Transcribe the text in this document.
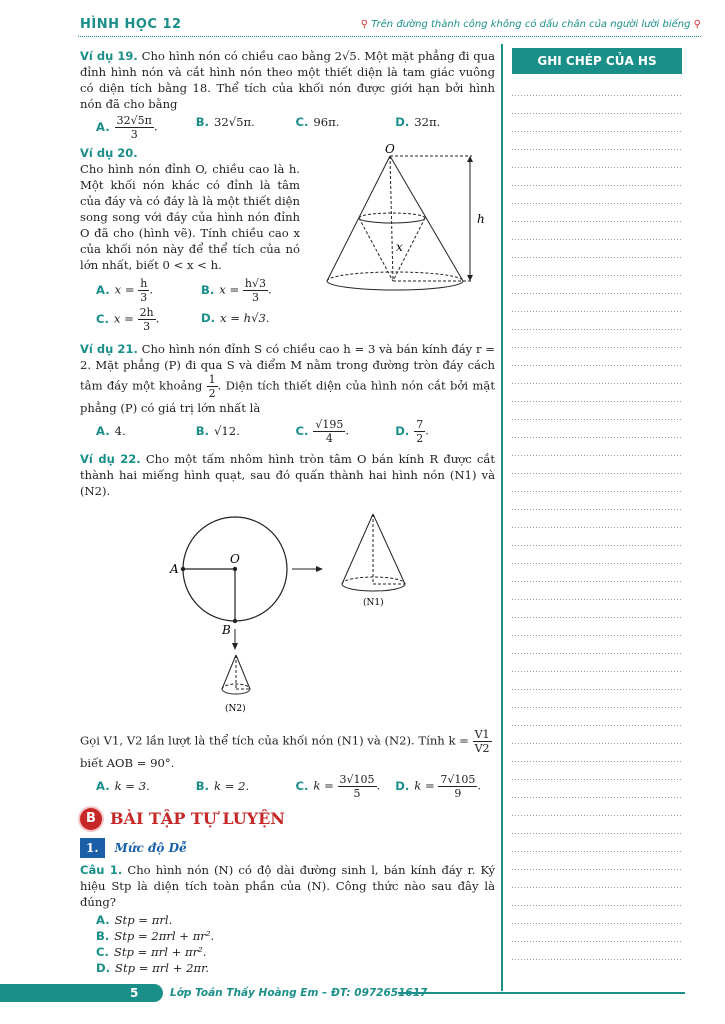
HÌNH HỌC 12	⚲ Trên đường thành công không có dấu chân của người lười biếng ⚲
GHI CHÉP CỦA HS

Ví dụ 19. Cho hình nón có chiều cao bằng 2√5. Một mặt phẳng đi qua đỉnh hình nón và cắt hình nón theo một thiết diện là tam giác vuông có diện tích bằng 18. Thể tích của khối nón được giới hạn bởi hình nón đã cho bằng

A. $\frac{32√5\pi}{3}$ .	B. 32√5π.	C. 96π.	D. 32π.
Ví dụ 20.

Cho hình nón đỉnh O, chiều cao là h. Một khối nón khác có đỉnh là tâm của đáy và có đáy là là một thiết diện song song với đáy của hình nón đỉnh O đã cho (hình vẽ). Tính chiều cao x của khối nón này để thể tích của nó lớn nhất, biết 0 < x < h.

A. $x = \frac{h}{3}$ .	B. $x = \frac{h√3}{3}$ .
C. $x = \frac{2h}{3}$ .	D. x = h√3.
O
h
x

Ví dụ 21. Cho hình nón đỉnh S có chiều cao h = 3 và bán kính đáy r = 2. Mặt phẳng (P) đi qua S và điểm M nằm trong đường tròn đáy cách tâm đáy một khoảng $\frac{1}{2}$ . Diện tích thiết diện của hình nón cắt bởi mặt phẳng (P) có giá trị lớn nhất là

A. 4.	B. √12.	C. $\frac{√195}{4}$ .	D. $\frac{7}{2}$ .

Ví dụ 22. Cho một tấm nhôm hình tròn tâm O bán kính R được cắt thành hai miếng hình quạt, sau đó quấn thành hai hình nón (N1) và (N2).

A
O
B
(N1)
(N2)

Gọi V1, V2 lần lượt là thể tích của khối nón (N1) và (N2). Tính $k = \frac{V1}{V2}$

biết AOB = 90°.

A. k = 3.	B. k = 2.	C. $k = \frac{3√105}{5}$ .	D. $k = \frac{7√105}{9}$ .
B BÀI TẬP TỰ LUYỆN
1.	Mức độ Dễ

Câu 1. Cho hình nón (N) có độ dài đường sinh l, bán kính đáy r. Ký hiệu Stp là diện tích toàn phần của (N). Công thức nào sau đây là đúng?

A. Stp = πrl.
B. Stp = 2πrl + πr².
C. Stp = πrl + πr².
D. Stp = πrl + 2πr.
5	Lớp Toán Thầy Hoàng Em – ĐT: 0972651617
